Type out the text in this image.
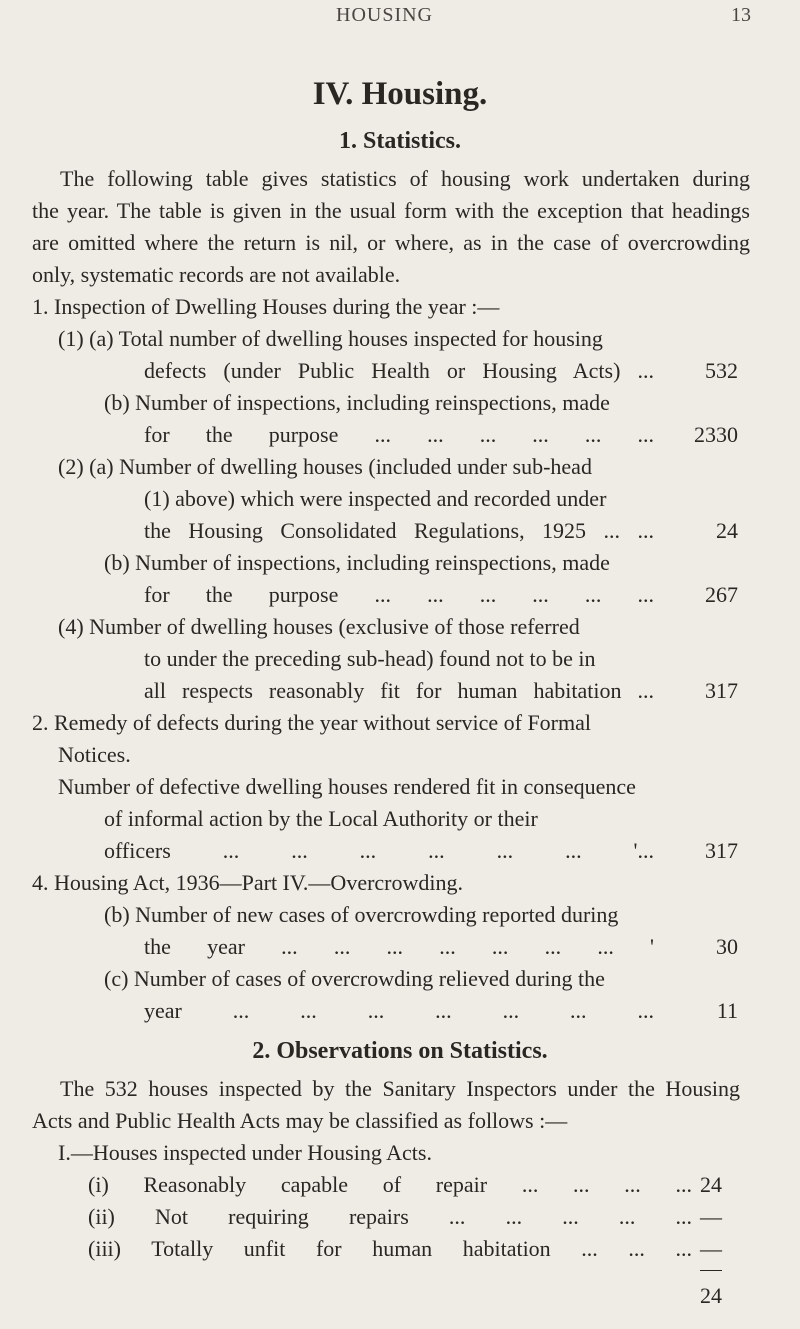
HOUSING	13
IV. Housing.
1. Statistics.
The following table gives statistics of housing work undertaken during
the year. The table is given in the usual form with the exception that headings
are omitted where the return is nil, or where, as in the case of overcrowding
only, systematic records are not available.
1. Inspection of Dwelling Houses during the year :—
(1) (a) Total number of dwelling houses inspected for housing
defects (under Public Health or Housing Acts) ...	532
(b) Number of inspections, including reinspections, made
for the purpose ... ... ... ... ... ...	2330
(2) (a) Number of dwelling houses (included under sub-head
(1) above) which were inspected and recorded under
the Housing Consolidated Regulations, 1925 ... ...	24
(b) Number of inspections, including reinspections, made
for the purpose ... ... ... ... ... ...	267
(4) Number of dwelling houses (exclusive of those referred
to under the preceding sub-head) found not to be in
all respects reasonably fit for human habitation ...	317
2. Remedy of defects during the year without service of Formal
Notices.
Number of defective dwelling houses rendered fit in consequence
of informal action by the Local Authority or their
officers ... ... ... ... ... ... '...	317
4. Housing Act, 1936—Part IV.—Overcrowding.
(b) Number of new cases of overcrowding reported during
the year ... ... ... ... ... ... ... '	30
(c) Number of cases of overcrowding relieved during the
year ... ... ... ... ... ... ...	11
2. Observations on Statistics.
The 532 houses inspected by the Sanitary Inspectors under the Housing
Acts and Public Health Acts may be classified as follows :—
I.—Houses inspected under Housing Acts.
(i) Reasonably capable of repair ... ... ... ... 24
(ii) Not requiring repairs ... ... ... ... ... —
(iii) Totally unfit for human habitation ... ... ... —
24
